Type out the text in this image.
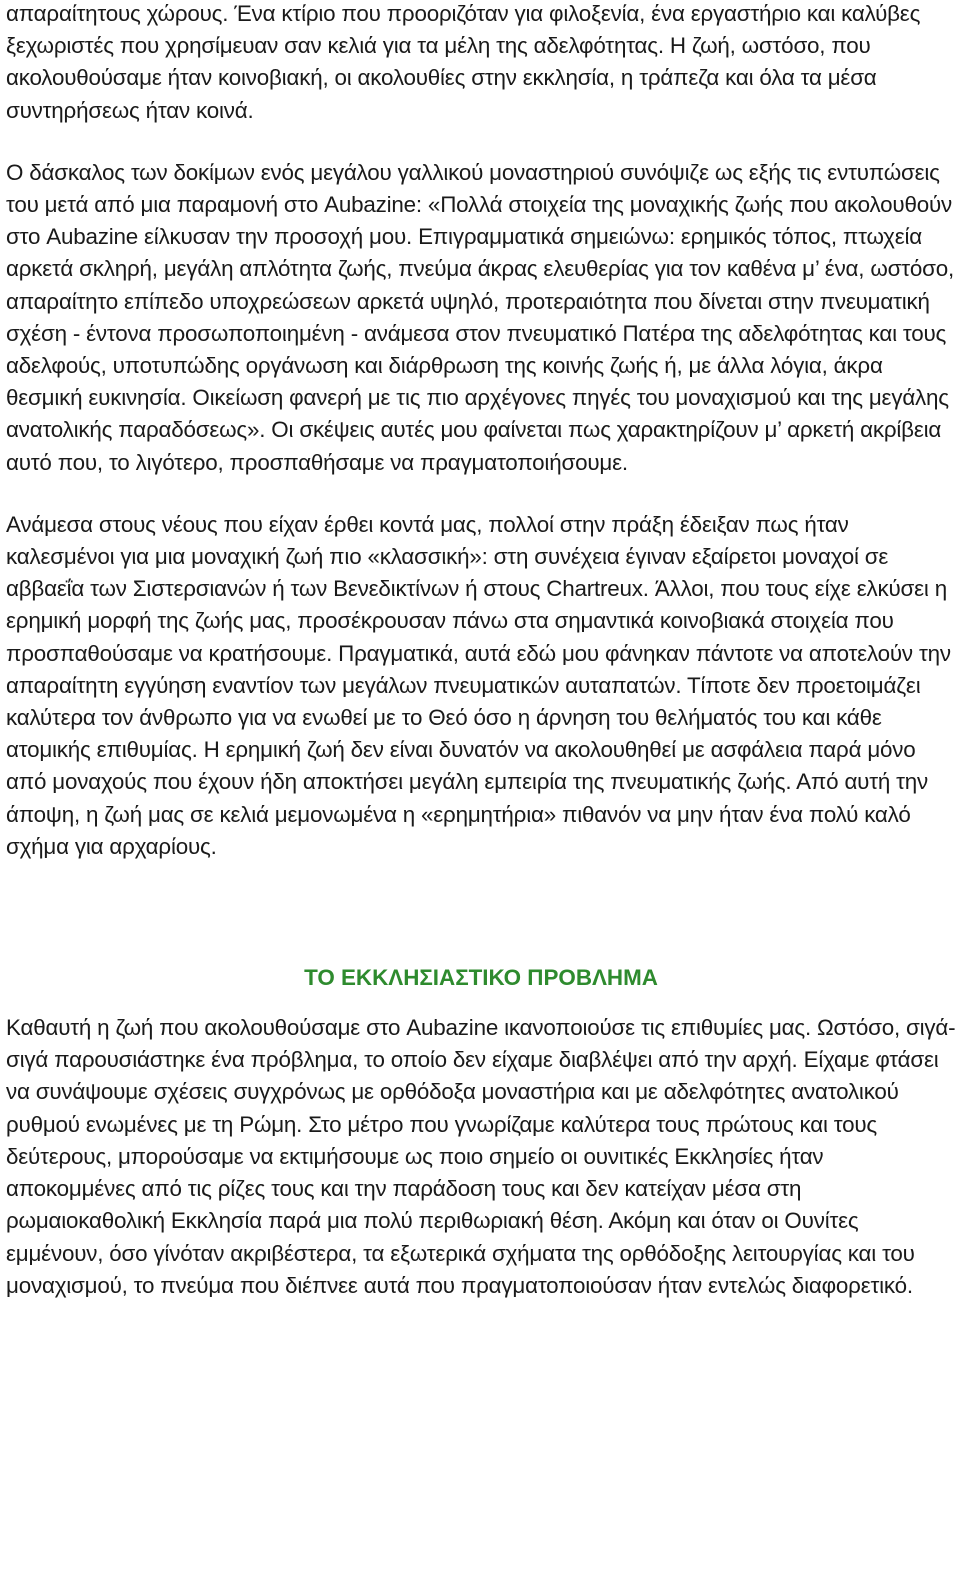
απαραίτητους χώρους. Ένα κτίριο που προοριζόταν για φιλοξενία, ένα εργαστήριο και καλύβες ξεχωριστές που χρησίμευαν σαν κελιά για τα μέλη της αδελφότητας. Η ζωή, ωστόσο, που ακολουθούσαμε ήταν κοινοβιακή, οι ακολουθίες στην εκκλησία, η τράπεζα και όλα τα μέσα συντηρήσεως ήταν κοινά.

Ο δάσκαλος των δοκίμων ενός μεγάλου γαλλικού μοναστηριού συνόψιζε ως εξής τις εντυπώσεις του μετά από μια παραμονή στο Aubazine: «Πολλά στοιχεία της μοναχικής ζωής που ακολουθούν στο Aubazine είλκυσαν την προσοχή μου. Επιγραμματικά σημειώνω: ερημικός τόπος, πτωχεία αρκετά σκληρή, μεγάλη απλότητα ζωής, πνεύμα άκρας ελευθερίας για τον καθένα μ’ ένα, ωστόσο, απαραίτητο επίπεδο υποχρεώσεων αρκετά υψηλό, προτεραιότητα που δίνεται στην πνευματική σχέση - έντονα προσωποποιημένη - ανάμεσα στον πνευματικό Πατέρα της αδελφότητας και τους αδελφούς, υποτυπώδης οργάνωση και διάρθρωση της κοινής ζωής ή, με άλλα λόγια, άκρα θεσμική ευκινησία. Οικείωση φανερή με τις πιο αρχέγονες πηγές του μοναχισμού και της μεγάλης ανατολικής παραδόσεως». Οι σκέψεις αυτές μου φαίνεται πως χαρακτηρίζουν μ’ αρκετή ακρίβεια αυτό που, το λιγότερο, προσπαθήσαμε να πραγματοποιήσουμε.

Ανάμεσα στους νέους που είχαν έρθει κοντά μας, πολλοί στην πράξη έδειξαν πως ήταν καλεσμένοι για μια μοναχική ζωή πιο «κλασσική»: στη συνέχεια έγιναν εξαίρετοι μοναχοί σε αββαεΐα των Σιστερσιανών ή των Βενεδικτίνων ή στους Chartreux. Άλλοι, που τους είχε ελκύσει η ερημική μορφή της ζωής μας, προσέκρουσαν πάνω στα σημαντικά κοινοβιακά στοιχεία που προσπαθούσαμε να κρατήσουμε. Πραγματικά, αυτά εδώ μου φάνηκαν πάντοτε να αποτελούν την απαραίτητη εγγύηση εναντίον των μεγάλων πνευματικών αυταπατών. Τίποτε δεν προετοιμάζει καλύτερα τον άνθρωπο για να ενωθεί με το Θεό όσο η άρνηση του θελήματός του και κάθε ατομικής επιθυμίας. Η ερημική ζωή δεν είναι δυνατόν να ακολουθηθεί με ασφάλεια παρά μόνο από μοναχούς που έχουν ήδη αποκτήσει μεγάλη εμπειρία της πνευματικής ζωής. Από αυτή την άποψη, η ζωή μας σε κελιά μεμονωμένα η «ερημητήρια» πιθανόν να μην ήταν ένα πολύ καλό σχήμα για αρχαρίους.

ΤΟ ΕΚΚΛΗΣΙΑΣΤΙΚΟ ΠΡΟΒΛΗΜΑ

Καθαυτή η ζωή που ακολουθούσαμε στο Aubazine ικανοποιούσε τις επιθυμίες μας. Ωστόσο, σιγά-σιγά παρουσιάστηκε ένα πρόβλημα, το οποίο δεν είχαμε διαβλέψει από την αρχή. Είχαμε φτάσει να συνάψουμε σχέσεις συγχρόνως με ορθόδοξα μοναστήρια και με αδελφότητες ανατολικού ρυθμού ενωμένες με τη Ρώμη. Στο μέτρο που γνωρίζαμε καλύτερα τους πρώτους και τους δεύτερους, μπορούσαμε να εκτιμήσουμε ως ποιο σημείο οι ουνιτικές Εκκλησίες ήταν αποκομμένες από τις ρίζες τους και την παράδοση τους και δεν κατείχαν μέσα στη ρωμαιοκαθολική Εκκλησία παρά μια πολύ περιθωριακή θέση. Ακόμη και όταν οι Ουνίτες εμμένουν, όσο γίνόταν ακριβέστερα, τα εξωτερικά σχήματα της ορθόδοξης λειτουργίας και του μοναχισμού, το πνεύμα που διέπνεε αυτά που πραγματοποιούσαν ήταν εντελώς διαφορετικό.
